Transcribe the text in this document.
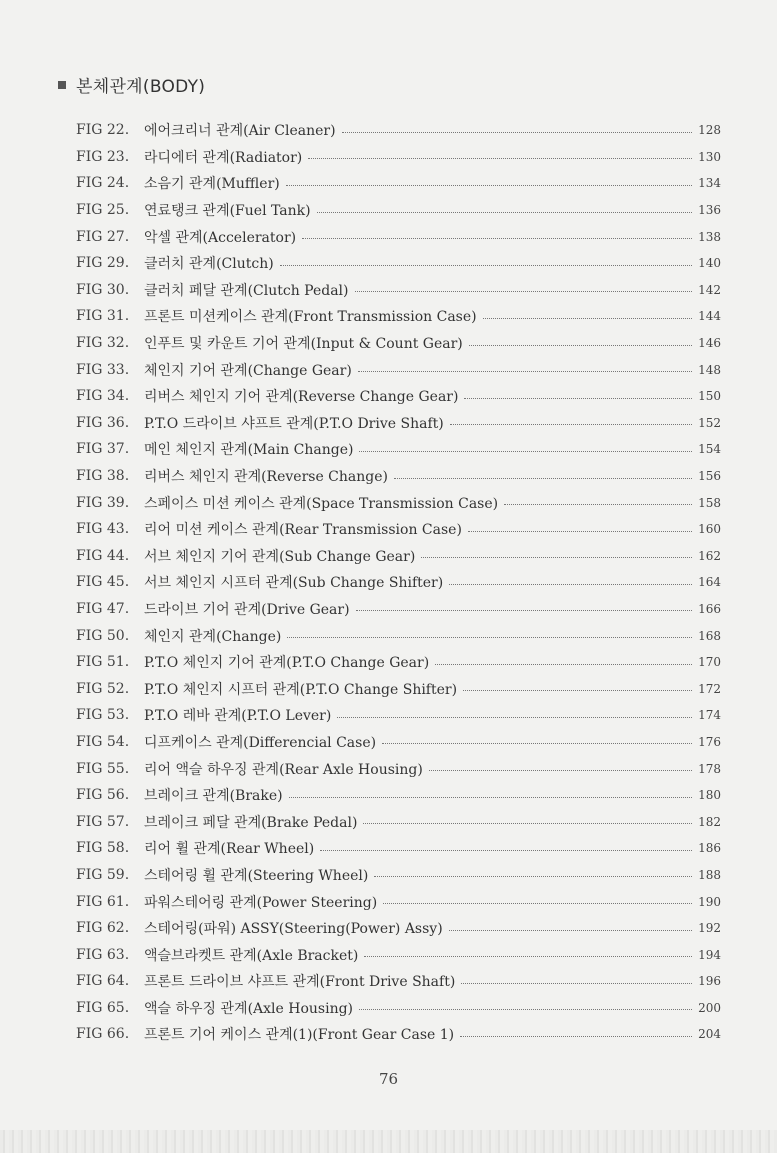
본체관계(BODY)
FIG 22.	에어크리너 관계(Air Cleaner)	128
FIG 23.	라디에터 관계(Radiator)	130
FIG 24.	소음기 관계(Muffler)	134
FIG 25.	연료탱크 관계(Fuel Tank)	136
FIG 27.	악셀 관계(Accelerator)	138
FIG 29.	클러치 관계(Clutch)	140
FIG 30.	클러치 페달 관계(Clutch Pedal)	142
FIG 31.	프론트 미션케이스 관계(Front Transmission Case)	144
FIG 32.	인푸트 및 카운트 기어 관계(Input & Count Gear)	146
FIG 33.	체인지 기어 관계(Change Gear)	148
FIG 34.	리버스 체인지 기어 관계(Reverse Change Gear)	150
FIG 36.	P.T.O 드라이브 샤프트 관계(P.T.O Drive Shaft)	152
FIG 37.	메인 체인지 관계(Main Change)	154
FIG 38.	리버스 체인지 관계(Reverse Change)	156
FIG 39.	스페이스 미션 케이스 관계(Space Transmission Case)	158
FIG 43.	리어 미션 케이스 관계(Rear Transmission Case)	160
FIG 44.	서브 체인지 기어 관계(Sub Change Gear)	162
FIG 45.	서브 체인지 시프터 관계(Sub Change Shifter)	164
FIG 47.	드라이브 기어 관계(Drive Gear)	166
FIG 50.	체인지 관계(Change)	168
FIG 51.	P.T.O 체인지 기어 관계(P.T.O Change Gear)	170
FIG 52.	P.T.O 체인지 시프터 관계(P.T.O Change Shifter)	172
FIG 53.	P.T.O 레바 관계(P.T.O Lever)	174
FIG 54.	디프케이스 관계(Differencial Case)	176
FIG 55.	리어 액슬 하우징 관계(Rear Axle Housing)	178
FIG 56.	브레이크 관계(Brake)	180
FIG 57.	브레이크 페달 관계(Brake Pedal)	182
FIG 58.	리어 휠 관계(Rear Wheel)	186
FIG 59.	스테어링 휠 관계(Steering Wheel)	188
FIG 61.	파워스테어링 관계(Power Steering)	190
FIG 62.	스테어링(파워) ASSY(Steering(Power) Assy)	192
FIG 63.	액슬브라켓트 관계(Axle Bracket)	194
FIG 64.	프론트 드라이브 샤프트 관계(Front Drive Shaft)	196
FIG 65.	액슬 하우징 관계(Axle Housing)	200
FIG 66.	프론트 기어 케이스 관계(1)(Front Gear Case 1)	204
76
